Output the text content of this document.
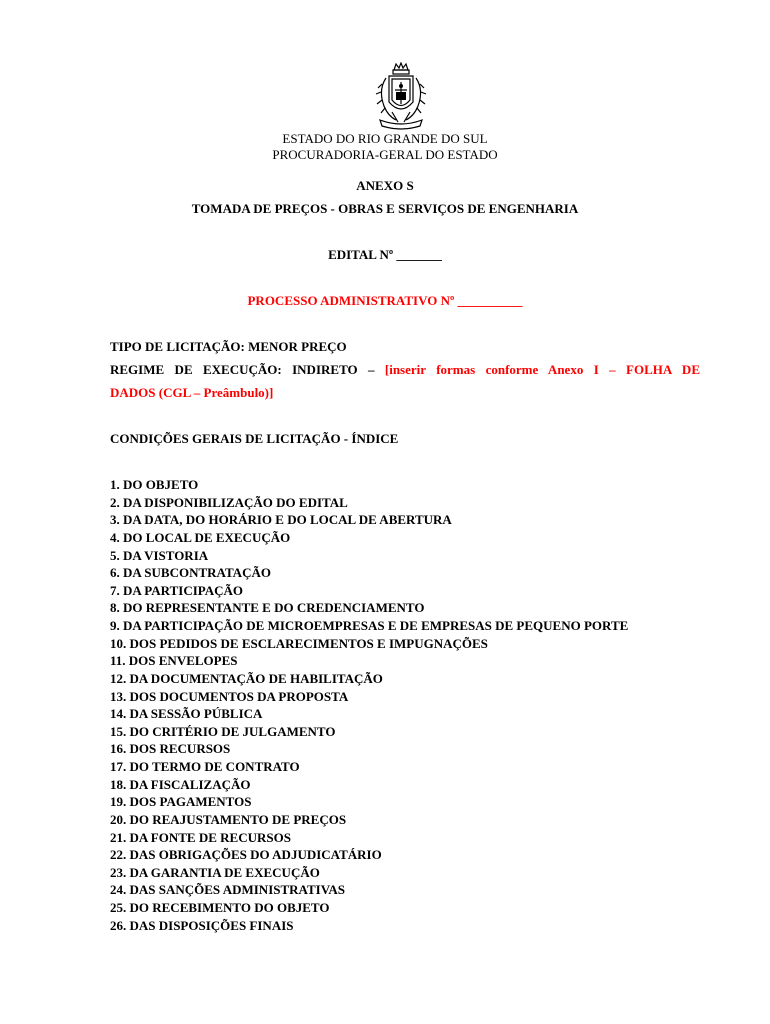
ESTADO DO RIO GRANDE DO SUL
PROCURADORIA-GERAL DO ESTADO
ANEXO S
TOMADA DE PREÇOS - OBRAS E SERVIÇOS DE ENGENHARIA
EDITAL Nº _______
PROCESSO ADMINISTRATIVO Nº __________
TIPO DE LICITAÇÃO: MENOR PREÇO
REGIME DE EXECUÇÃO: INDIRETO – [inserir formas conforme Anexo I – FOLHA DE
DADOS (CGL – Preâmbulo)]
CONDIÇÕES GERAIS DE LICITAÇÃO - ÍNDICE
1. DO OBJETO
2. DA DISPONIBILIZAÇÃO DO EDITAL
3. DA DATA, DO HORÁRIO E DO LOCAL DE ABERTURA
4. DO LOCAL DE EXECUÇÃO
5. DA VISTORIA
6. DA SUBCONTRATAÇÃO
7. DA PARTICIPAÇÃO
8. DO REPRESENTANTE E DO CREDENCIAMENTO
9. DA PARTICIPAÇÃO DE MICROEMPRESAS E DE EMPRESAS DE PEQUENO PORTE
10. DOS PEDIDOS DE ESCLARECIMENTOS E IMPUGNAÇÕES
11. DOS ENVELOPES
12. DA DOCUMENTAÇÃO DE HABILITAÇÃO
13. DOS DOCUMENTOS DA PROPOSTA
14. DA SESSÃO PÚBLICA
15. DO CRITÉRIO DE JULGAMENTO
16. DOS RECURSOS
17. DO TERMO DE CONTRATO
18. DA FISCALIZAÇÃO
19. DOS PAGAMENTOS
20. DO REAJUSTAMENTO DE PREÇOS
21. DA FONTE DE RECURSOS
22. DAS OBRIGAÇÕES DO ADJUDICATÁRIO
23. DA GARANTIA DE EXECUÇÃO
24. DAS SANÇÕES ADMINISTRATIVAS
25. DO RECEBIMENTO DO OBJETO
26. DAS DISPOSIÇÕES FINAIS
